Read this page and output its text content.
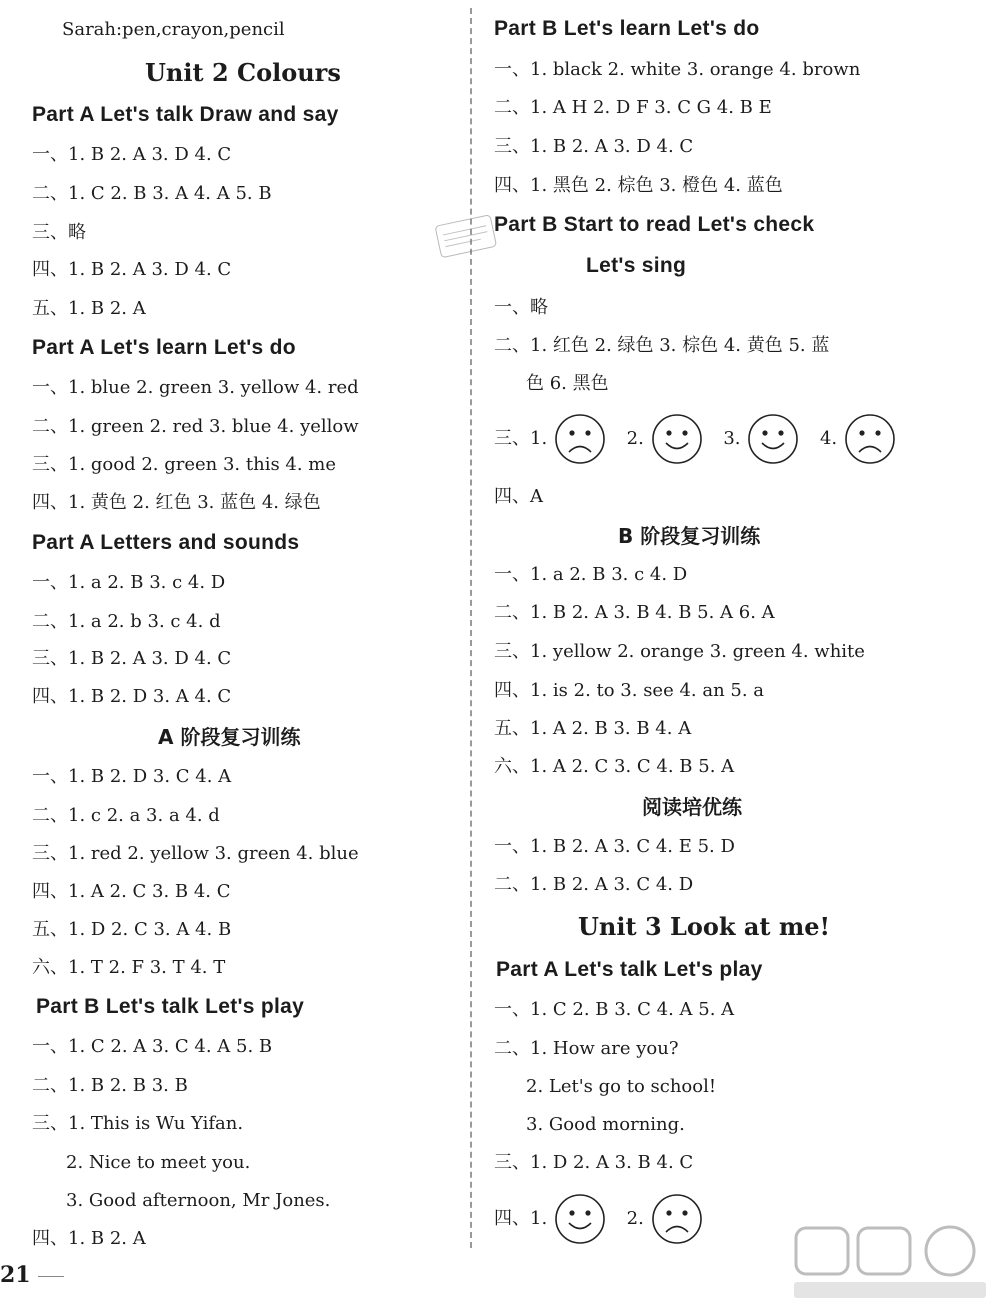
Sarah:pen,crayon,pencil
Unit 2 Colours
Part A Let's talk Draw and say
一、1. B 2. A 3. D 4. C
二、1. C 2. B 3. A 4. A 5. B
三、略
四、1. B 2. A 3. D 4. C
五、1. B 2. A
Part A Let's learn Let's do
一、1. blue 2. green 3. yellow 4. red
二、1. green 2. red 3. blue 4. yellow
三、1. good 2. green 3. this 4. me
四、1. 黄色 2. 红色 3. 蓝色 4. 绿色
Part A Letters and sounds
一、1. a 2. B 3. c 4. D
二、1. a 2. b 3. c 4. d
三、1. B 2. A 3. D 4. C
四、1. B 2. D 3. A 4. C
A 阶段复习训练
一、1. B 2. D 3. C 4. A
二、1. c 2. a 3. a 4. d
三、1. red 2. yellow 3. green 4. blue
四、1. A 2. C 3. B 4. C
五、1. D 2. C 3. A 4. B
六、1. T 2. F 3. T 4. T
Part B Let's talk Let's play
一、1. C 2. A 3. C 4. A 5. B
二、1. B 2. B 3. B
三、1. This is Wu Yifan.
2. Nice to meet you.
3. Good afternoon, Mr Jones.
四、1. B 2. A
Part B Let's learn Let's do
一、1. black 2. white 3. orange 4. brown
二、1. A H 2. D F 3. C G 4. B E
三、1. B 2. A 3. D 4. C
四、1. 黑色 2. 棕色 3. 橙色 4. 蓝色
Part B Start to read Let's check
Let's sing
一、略
二、1. 红色 2. 绿色 3. 棕色 4. 黄色 5. 蓝
色 6. 黑色
三、1.	2.	3.	4.
四、A
B 阶段复习训练
一、1. a 2. B 3. c 4. D
二、1. B 2. A 3. B 4. B 5. A 6. A
三、1. yellow 2. orange 3. green 4. white
四、1. is 2. to 3. see 4. an 5. a
五、1. A 2. B 3. B 4. A
六、1. A 2. C 3. C 4. B 5. A
阅读培优练
一、1. B 2. A 3. C 4. E 5. D
二、1. B 2. A 3. C 4. D
Unit 3 Look at me!
Part A Let's talk Let's play
一、1. C 2. B 3. C 4. A 5. A
二、1. How are you?
2. Let's go to school!
3. Good morning.
三、1. D 2. A 3. B 4. C
四、1.	2.
21
